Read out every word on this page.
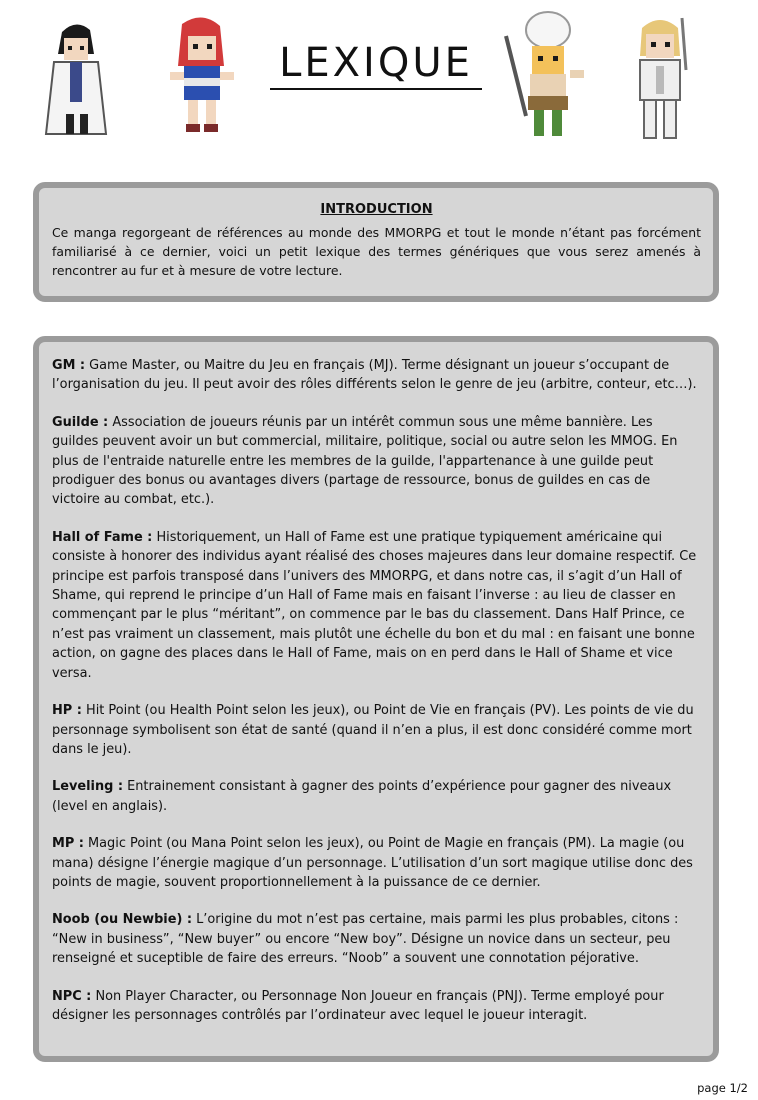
LEXIQUE
INTRODUCTION

Ce manga regorgeant de références au monde des MMORPG et tout le monde n’étant pas forcément familiarisé à ce dernier, voici un petit lexique des termes génériques que vous serez amenés à rencontrer au fur et à mesure de votre lecture.

GM : Game Master, ou Maitre du Jeu en français (MJ). Terme désignant un joueur s’occupant de l’organisation du jeu. Il peut avoir des rôles différents selon le genre de jeu (arbitre, conteur, etc…).

Guilde : Association de joueurs réunis par un intérêt commun sous une même bannière. Les guildes peuvent avoir un but commercial, militaire, politique, social ou autre selon les MMOG. En plus de l'entraide naturelle entre les membres de la guilde, l'appartenance à une guilde peut prodiguer des bonus ou avantages divers (partage de ressource, bonus de guildes en cas de victoire au combat, etc.).

Hall of Fame : Historiquement, un Hall of Fame est une pratique typiquement américaine qui consiste à honorer des individus ayant réalisé des choses majeures dans leur domaine respectif. Ce principe est parfois transposé dans l’univers des MMORPG, et dans notre cas, il s’agit d’un Hall of Shame, qui reprend le principe d’un Hall of Fame mais en faisant l’inverse : au lieu de classer en commençant par le plus “méritant”, on commence par le bas du classement. Dans Half Prince, ce n’est pas vraiment un classement, mais plutôt une échelle du bon et du mal : en faisant une bonne action, on gagne des places dans le Hall of Fame, mais on en perd dans le Hall of Shame et vice versa.

HP : Hit Point (ou Health Point selon les jeux), ou Point de Vie en français (PV). Les points de vie du personnage symbolisent son état de santé (quand il n’en a plus, il est donc considéré comme mort dans le jeu).

Leveling : Entrainement consistant à gagner des points d’expérience pour gagner des niveaux (level en anglais).

MP : Magic Point (ou Mana Point selon les jeux), ou Point de Magie en français (PM). La magie (ou mana) désigne l’énergie magique d’un personnage. L’utilisation d’un sort magique utilise donc des points de magie, souvent proportionnellement à la puissance de ce dernier.

Noob (ou Newbie) : L’origine du mot n’est pas certaine, mais parmi les plus probables, citons : “New in business”, “New buyer” ou encore “New boy”. Désigne un novice dans un secteur, peu renseigné et suceptible de faire des erreurs. “Noob” a souvent une connotation péjorative.

NPC : Non Player Character, ou Personnage Non Joueur en français (PNJ). Terme employé pour désigner les personnages contrôlés par l’ordinateur avec lequel le joueur interagit.

page 1/2
